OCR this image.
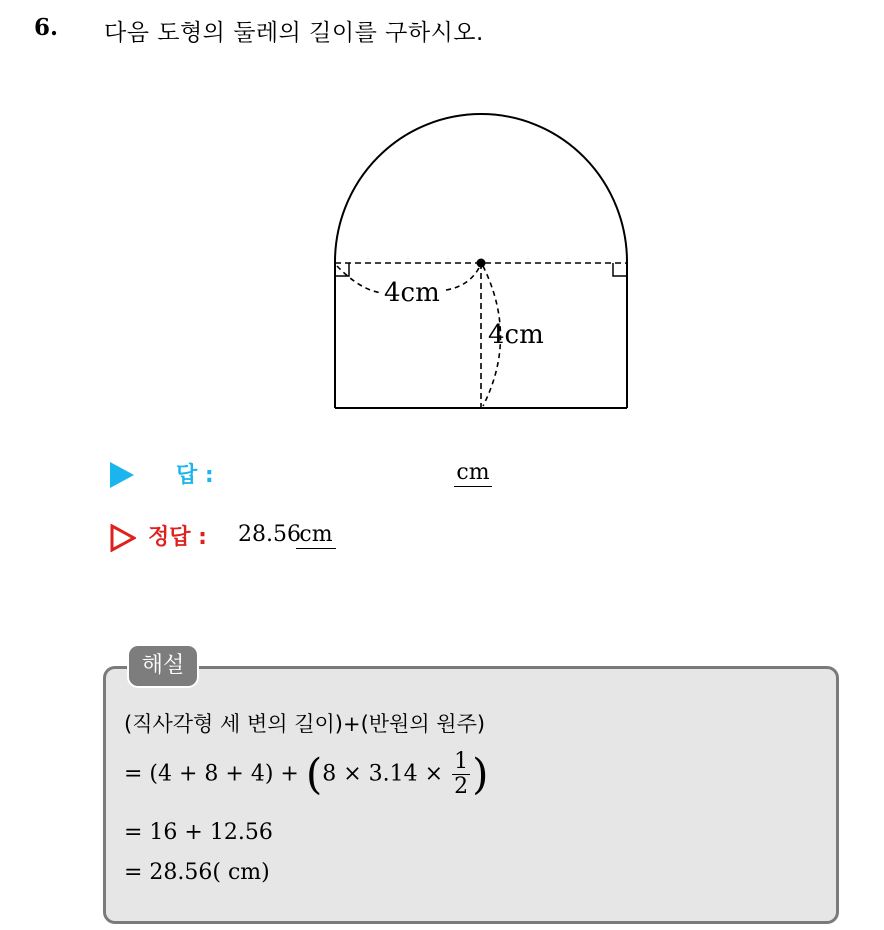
6. 다음 도형의 둘레의 길이를 구하시오.
4cm
4cm
답 :	cm
정답 : 28.56
cm
해설
(직사각형 세 변의 길이)+(반원의 원주)
= $(4 + 8 + 4) + (8 \times 3.14 \times \frac{1}{2}$ )
= 16 + 12.56
= 28.56( cm)
